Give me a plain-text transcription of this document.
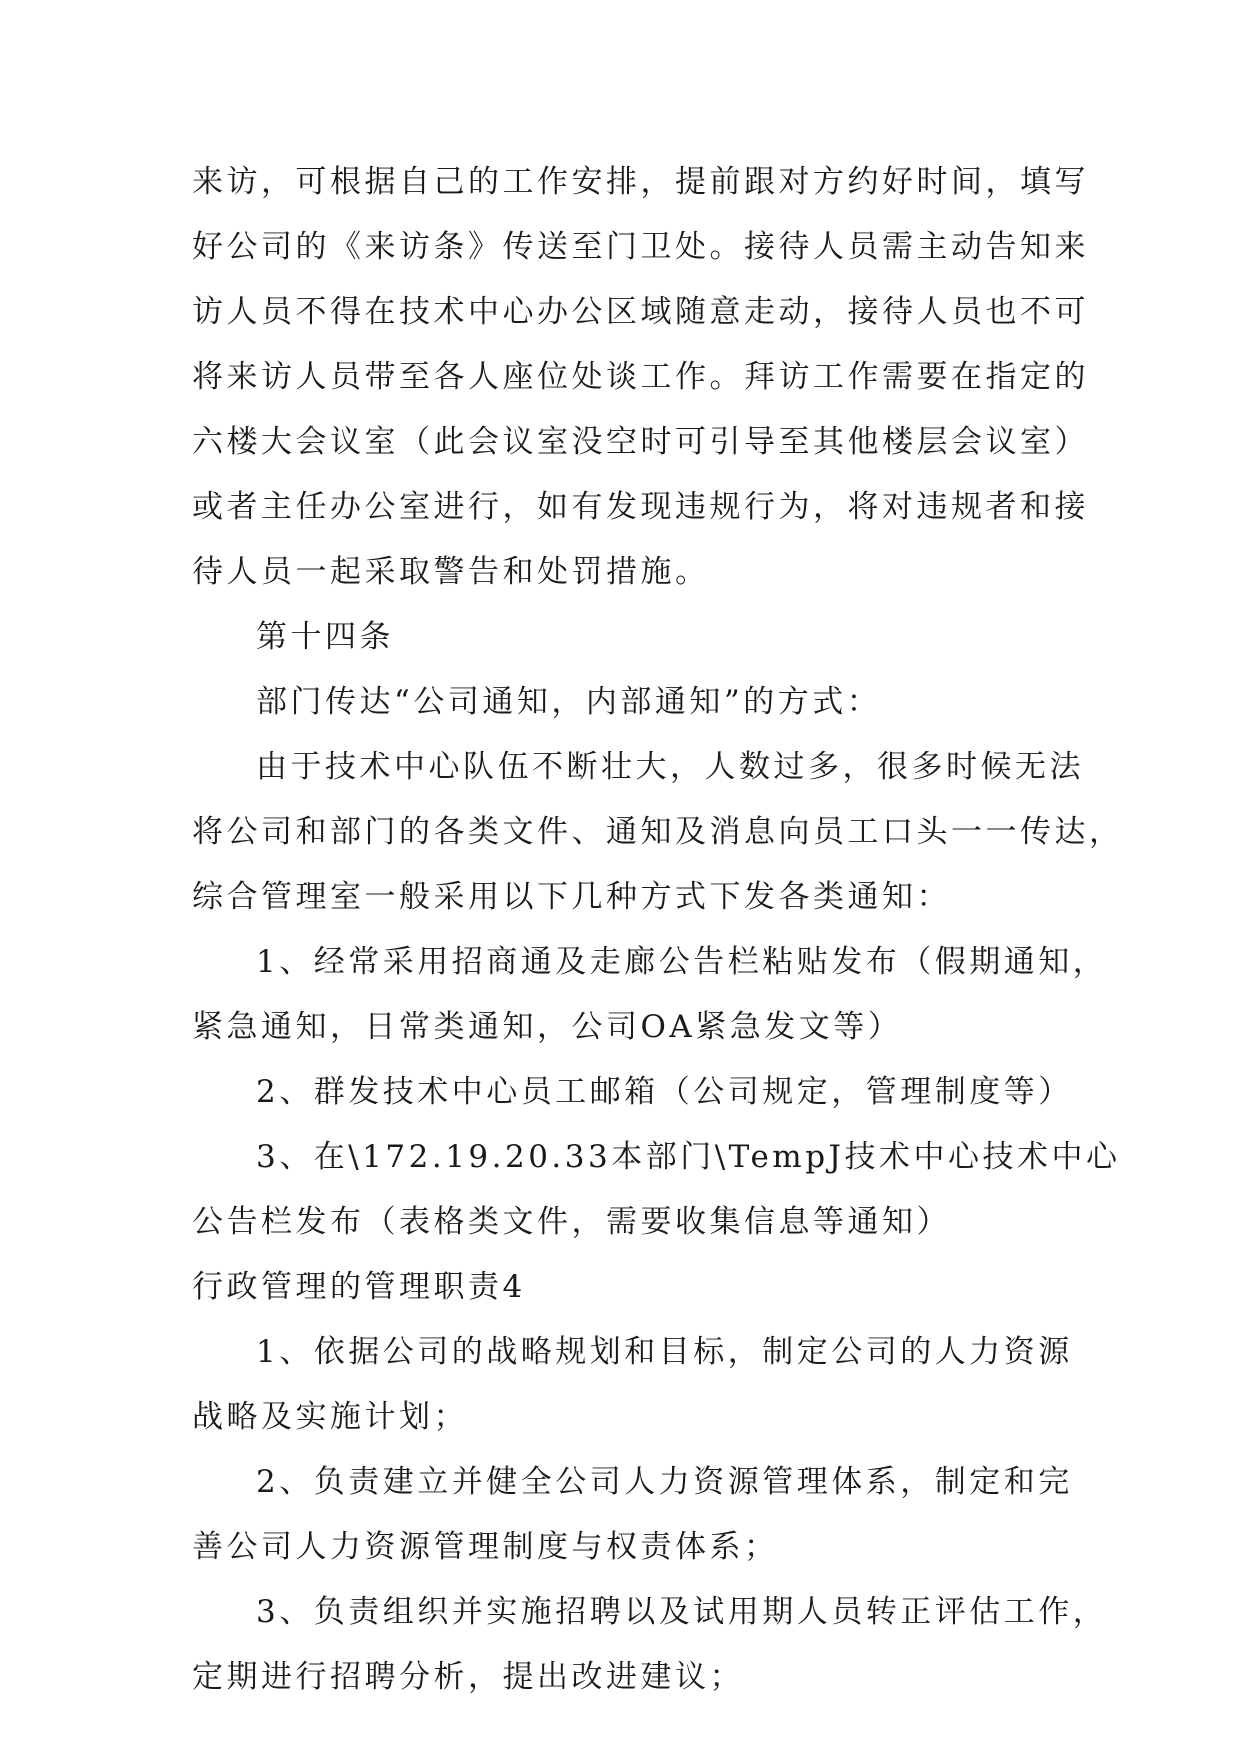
来访，可根据自己的工作安排，提前跟对方约好时间，填写
好公司的《来访条》传送至门卫处。接待人员需主动告知来
访人员不得在技术中心办公区域随意走动，接待人员也不可
将来访人员带至各人座位处谈工作。拜访工作需要在指定的
六楼大会议室（此会议室没空时可引导至其他楼层会议室）
或者主任办公室进行，如有发现违规行为，将对违规者和接
待人员一起采取警告和处罚措施。
第十四条
部门传达“公司通知，内部通知”的方式：
由于技术中心队伍不断壮大，人数过多，很多时候无法
将公司和部门的各类文件、通知及消息向员工口头一一传达，
综合管理室一般采用以下几种方式下发各类通知：
1、经常采用招商通及走廊公告栏粘贴发布（假期通知，
紧急通知，日常类通知，公司OA紧急发文等）
2、群发技术中心员工邮箱（公司规定，管理制度等）
3、在\172.19.20.33本部门\TempJ技术中心技术中心
公告栏发布（表格类文件，需要收集信息等通知）
行政管理的管理职责4
1、依据公司的战略规划和目标，制定公司的人力资源
战略及实施计划；
2、负责建立并健全公司人力资源管理体系，制定和完
善公司人力资源管理制度与权责体系；
3、负责组织并实施招聘以及试用期人员转正评估工作，
定期进行招聘分析，提出改进建议；
